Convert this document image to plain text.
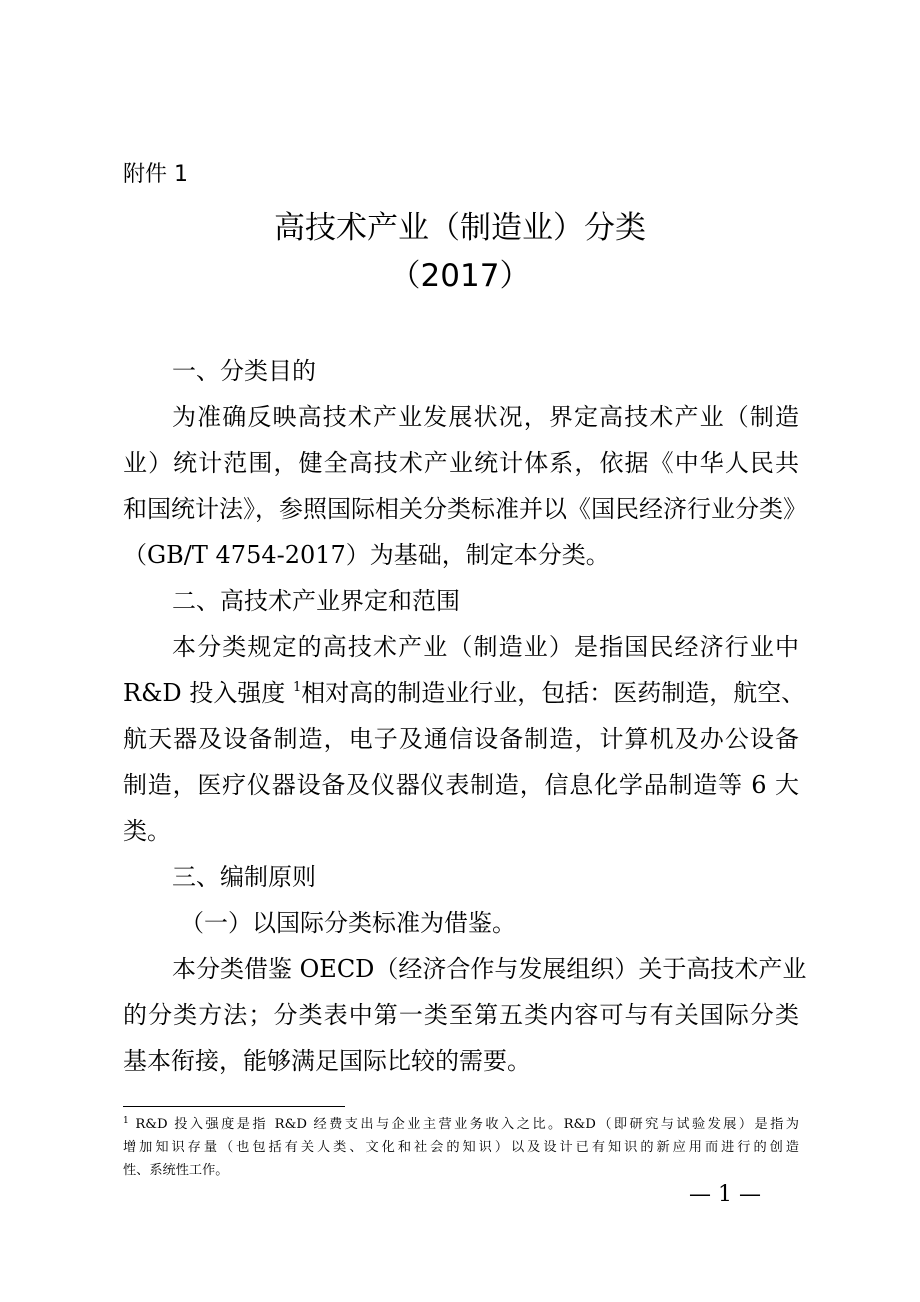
附件 1
高技术产业（制造业）分类
（2017）
一、分类目的
为准确反映高技术产业发展状况，界定高技术产业（制造
业）统计范围，健全高技术产业统计体系，依据《中华人民共
和国统计法》，参照国际相关分类标准并以《国民经济行业分类》
（GB/T 4754-2017）为基础，制定本分类。
二、高技术产业界定和范围
本分类规定的高技术产业（制造业）是指国民经济行业中
R&D 投入强度 $^1$相对高的制造业行业，包括：医药制造，航空、
航天器及设备制造，电子及通信设备制造，计算机及办公设备
制造，医疗仪器设备及仪器仪表制造，信息化学品制造等 6 大
类。
三、编制原则
（一）以国际分类标准为借鉴。
本分类借鉴 OECD（经济合作与发展组织）关于高技术产业
的分类方法；分类表中第一类至第五类内容可与有关国际分类
基本衔接，能够满足国际比较的需要。
$^1$ R&D 投入强度是指 R&D 经费支出与企业主营业务收入之比。R&D（即研究与试验发展）是指为
增加知识存量（也包括有关人类、文化和社会的知识）以及设计已有知识的新应用而进行的创造
性、系统性工作。
— 1 —
